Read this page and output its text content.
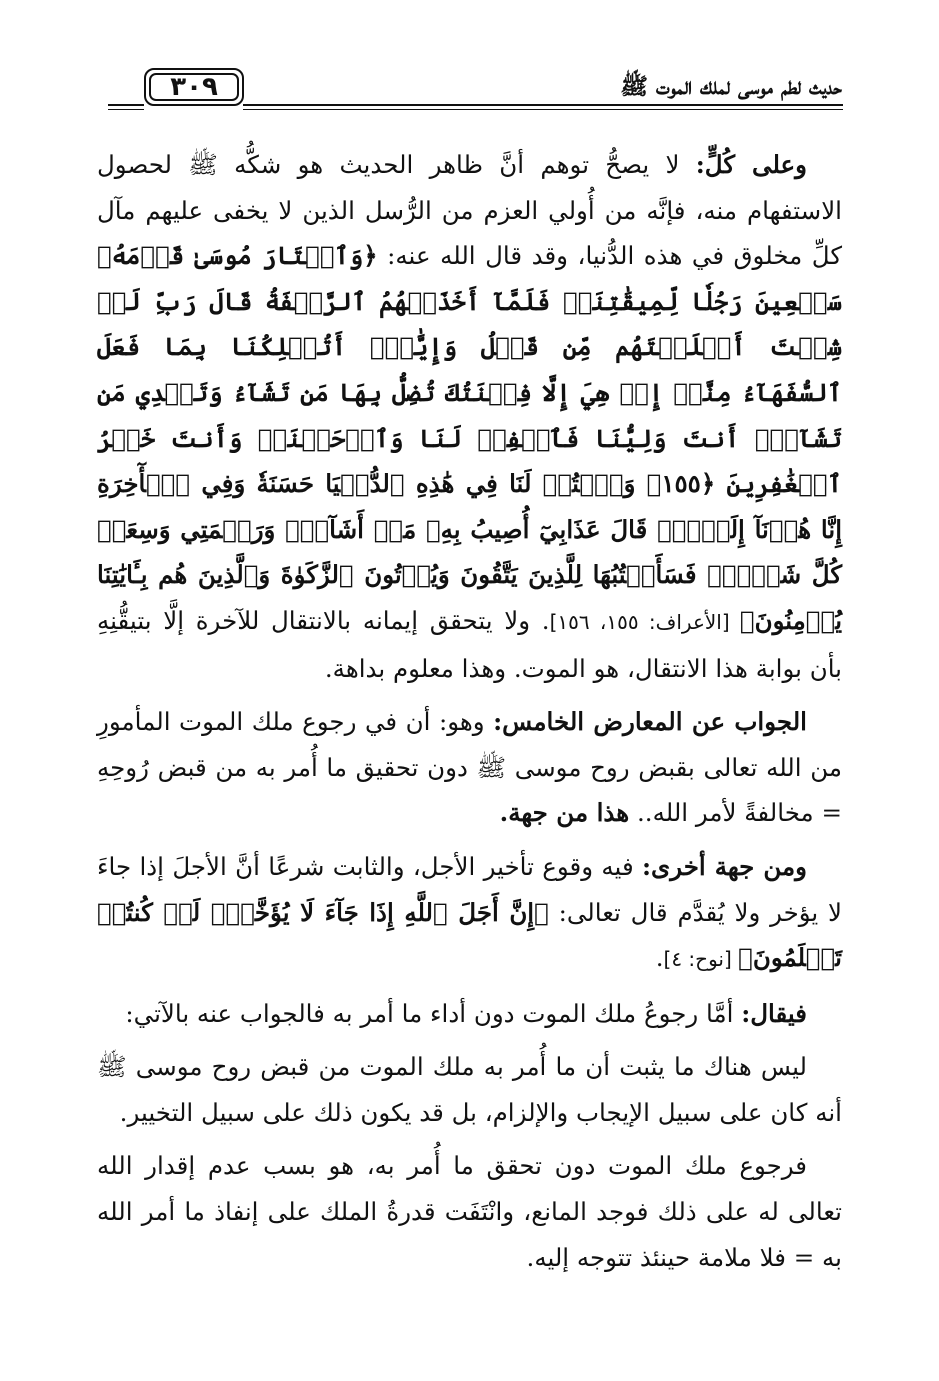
حديث لطم موسى لملك الموت ﷺ
٣٠٩

وعلى كُلٍّ: لا يصحُّ توهم أنَّ ظاهر الحديث هو شكُّه ﷺ لحصول الاستفهام منه، فإنَّه من أُولي العزم من الرُّسل الذين لا يخفى عليهم مآل كلِّ مخلوق في هذه الدُّنيا، وقد قال الله عنه: ﴿وَٱخۡتَارَ مُوسَىٰ قَوۡمَهُۥ سَبۡعِينَ رَجُلٗا لِّمِيقَٰتِنَاۖ فَلَمَّآ أَخَذَتۡهُمُ ٱلرَّجۡفَةُ قَالَ رَبِّ لَوۡ شِئۡتَ أَهۡلَكۡتَهُم مِّن قَبۡلُ وَإِيَّٰيَۖ أَتُهۡلِكُنَا بِمَا فَعَلَ ٱلسُّفَهَآءُ مِنَّآۖ إِنۡ هِيَ إِلَّا فِتۡنَتُكَ تُضِلُّ بِهَا مَن تَشَآءُ وَتَهۡدِي مَن تَشَآءُۖ أَنتَ وَلِيُّنَا فَٱغۡفِرۡ لَنَا وَٱرۡحَمۡنَاۖ وَأَنتَ خَيۡرُ ٱلۡغَٰفِرِينَ ﴿١٥٥﴾ وَٱكۡتُبۡ لَنَا فِي هَٰذِهِ ٱلدُّنۡيَا حَسَنَةٗ وَفِي ٱلۡأٓخِرَةِ إِنَّا هُدۡنَآ إِلَيۡكَۚ قَالَ عَذَابِيٓ أُصِيبُ بِهِۦ مَنۡ أَشَآءُۖ وَرَحۡمَتِي وَسِعَتۡ كُلَّ شَيۡءٖۚ فَسَأَكۡتُبُهَا لِلَّذِينَ يَتَّقُونَ وَيُؤۡتُونَ ٱلزَّكَوٰةَ وَٱلَّذِينَ هُم بِـَٔايَٰتِنَا يُؤۡمِنُونَ﴾ [الأعراف: ١٥٥، ١٥٦]. ولا يتحقق إيمانه بالانتقال للآخرة إلَّا بتيقُّنِهِ بأن بوابة هذا الانتقال، هو الموت. وهذا معلوم بداهة.

الجواب عن المعارض الخامس: وهو: أن في رجوع ملك الموت المأمورِ من الله تعالى بقبض روح موسى ﷺ دون تحقيق ما أُمر به من قبض رُوحِهِ = مخالفةً لأمر الله.. هذا من جهة.

ومن جهة أخرى: فيه وقوع تأخير الأجل، والثابت شرعًا أنَّ الأجلَ إذا جاءَ لا يؤخر ولا يُقدَّم قال تعالى: ﴿إِنَّ أَجَلَ ٱللَّهِ إِذَا جَآءَ لَا يُؤَخَّرُۚ لَوۡ كُنتُمۡ تَعۡلَمُونَ﴾ [نوح: ٤].

فيقال: أمَّا رجوعُ ملك الموت دون أداء ما أمر به فالجواب عنه بالآتي:

ليس هناك ما يثبت أن ما أُمر به ملك الموت من قبض روح موسى ﷺ أنه كان على سبيل الإيجاب والإلزام، بل قد يكون ذلك على سبيل التخيير.

فرجوع ملك الموت دون تحقق ما أُمر به، هو بسب عدم إقدار الله تعالى له على ذلك فوجد المانع، وانْتَفَت قدرةُ الملك على إنفاذ ما أمر الله به = فلا ملامة حينئذ تتوجه إليه.
